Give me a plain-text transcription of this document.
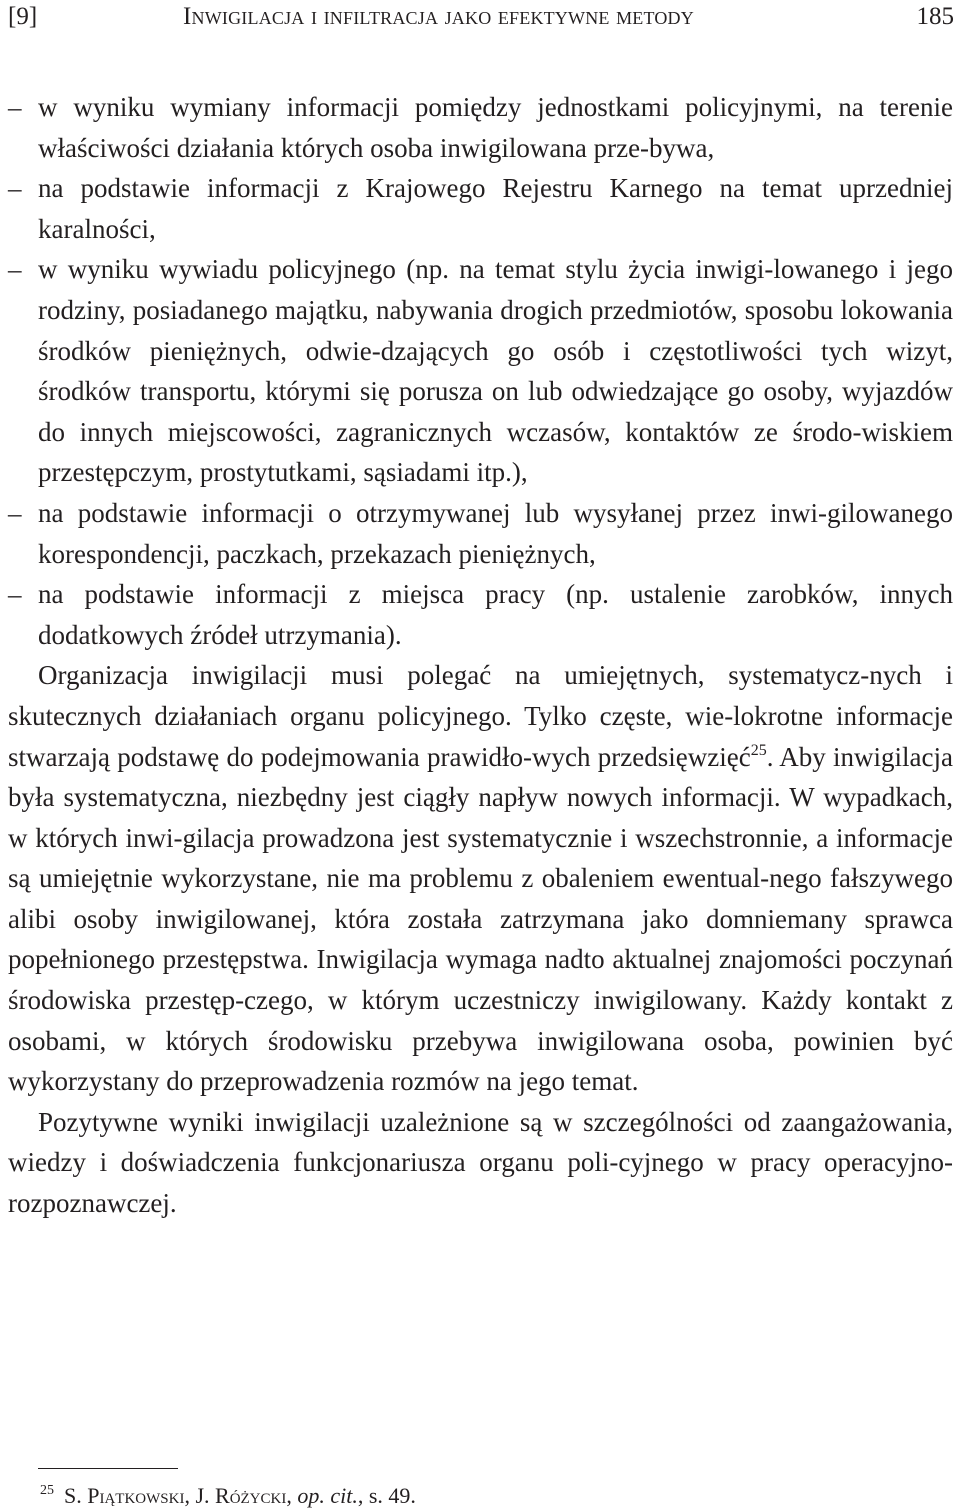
[9]	Inwigilacja i infiltracja jako efektywne metody	185
– w wyniku wymiany informacji pomiędzy jednostkami policyjnymi, na terenie właściwości działania których osoba inwigilowana prze-bywa,
– na podstawie informacji z Krajowego Rejestru Karnego na temat uprzedniej karalności,
– w wyniku wywiadu policyjnego (np. na temat stylu życia inwigi-lowanego i jego rodziny, posiadanego majątku, nabywania drogich przedmiotów, sposobu lokowania środków pieniężnych, odwie-dzających go osób i częstotliwości tych wizyt, środków transportu, którymi się porusza on lub odwiedzające go osoby, wyjazdów do innych miejscowości, zagranicznych wczasów, kontaktów ze środo-wiskiem przestępczym, prostytutkami, sąsiadami itp.),
– na podstawie informacji o otrzymywanej lub wysyłanej przez inwi-gilowanego korespondencji, paczkach, przekazach pieniężnych,
– na podstawie informacji z miejsca pracy (np. ustalenie zarobków, innych dodatkowych źródeł utrzymania).

Organizacja inwigilacji musi polegać na umiejętnych, systematycz-nych i skutecznych działaniach organu policyjnego. Tylko częste, wie-lokrotne informacje stwarzają podstawę do podejmowania prawidło-wych przedsięwzięć$^{25}$. Aby inwigilacja była systematyczna, niezbędny jest ciągły napływ nowych informacji. W wypadkach, w których inwi-gilacja prowadzona jest systematycznie i wszechstronnie, a informacje są umiejętnie wykorzystane, nie ma problemu z obaleniem ewentual-nego fałszywego alibi osoby inwigilowanej, która została zatrzymana jako domniemany sprawca popełnionego przestępstwa. Inwigilacja wymaga nadto aktualnej znajomości poczynań środowiska przestęp-czego, w którym uczestniczy inwigilowany. Każdy kontakt z osobami, w których środowisku przebywa inwigilowana osoba, powinien być wykorzystany do przeprowadzenia rozmów na jego temat.

Pozytywne wyniki inwigilacji uzależnione są w szczególności od zaangażowania, wiedzy i doświadczenia funkcjonariusza organu poli-cyjnego w pracy operacyjno-rozpoznawczej.

$^{25}$ S. Piątkowski, J. Różycki, op. cit., s. 49.
